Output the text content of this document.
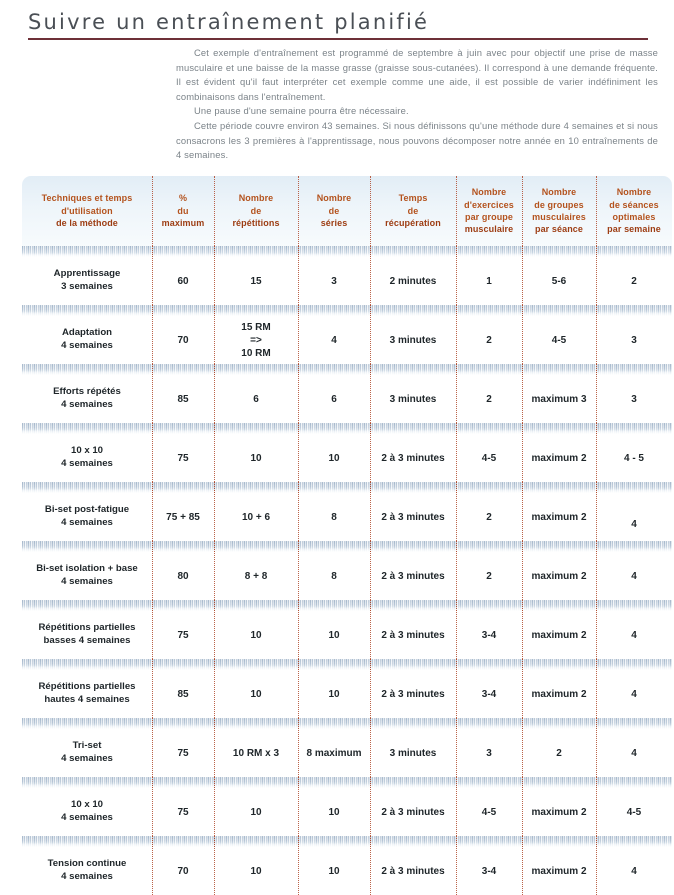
Suivre un entraînement planifié

Cet exemple d'entraînement est programmé de septembre à juin avec pour objectif une prise de masse musculaire et une baisse de la masse grasse (graisse sous-cutanées). Il correspond à une demande fréquente. Il est évident qu'il faut interpréter cet exemple comme une aide, il est possible de varier indéfiniment les combinaisons dans l'entraînement.

Une pause d'une semaine pourra être nécessaire.

Cette période couvre environ 43 semaines. Si nous définissons qu'une méthode dure 4 semaines et si nous consacrons les 3 premières à l'apprentissage, nous pouvons décomposer notre année en 10 entraînements de 4 semaines.

Techniques et temps
d'utilisation
de la méthode	%
du
maximum	Nombre
de
répétitions	Nombre
de
séries	Temps
de
récupération	Nombre
d'exercices
par groupe
musculaire	Nombre
de groupes
musculaires
par séance	Nombre
de séances
optimales
par semaine

Apprentissage
3 semaines	60	15	3	2 minutes	1	5-6	2

Adaptation
4 semaines	70	15 RM
=>
10 RM	4	3 minutes	2	4-5	3

Efforts répétés
4 semaines	85	6	6	3 minutes	2	maximum 3	3

10 x 10
4 semaines	75	10	10	2 à 3 minutes	4-5	maximum 2	4 - 5

Bi-set post-fatigue
4 semaines	75 + 85	10 + 6	8	2 à 3 minutes	2	maximum 2	4

Bi-set isolation + base
4 semaines	80	8 + 8	8	2 à 3 minutes	2	maximum 2	4

Répétitions partielles
basses 4 semaines	75	10	10	2 à 3 minutes	3-4	maximum 2	4

Répétitions partielles
hautes 4 semaines	85	10	10	2 à 3 minutes	3-4	maximum 2	4

Tri-set
4 semaines	75	10 RM x 3	8 maximum	3 minutes	3	2	4

10 x 10
4 semaines	75	10	10	2 à 3 minutes	4-5	maximum 2	4-5

Tension continue
4 semaines	70	10	10	2 à 3 minutes	3-4	maximum 2	4
